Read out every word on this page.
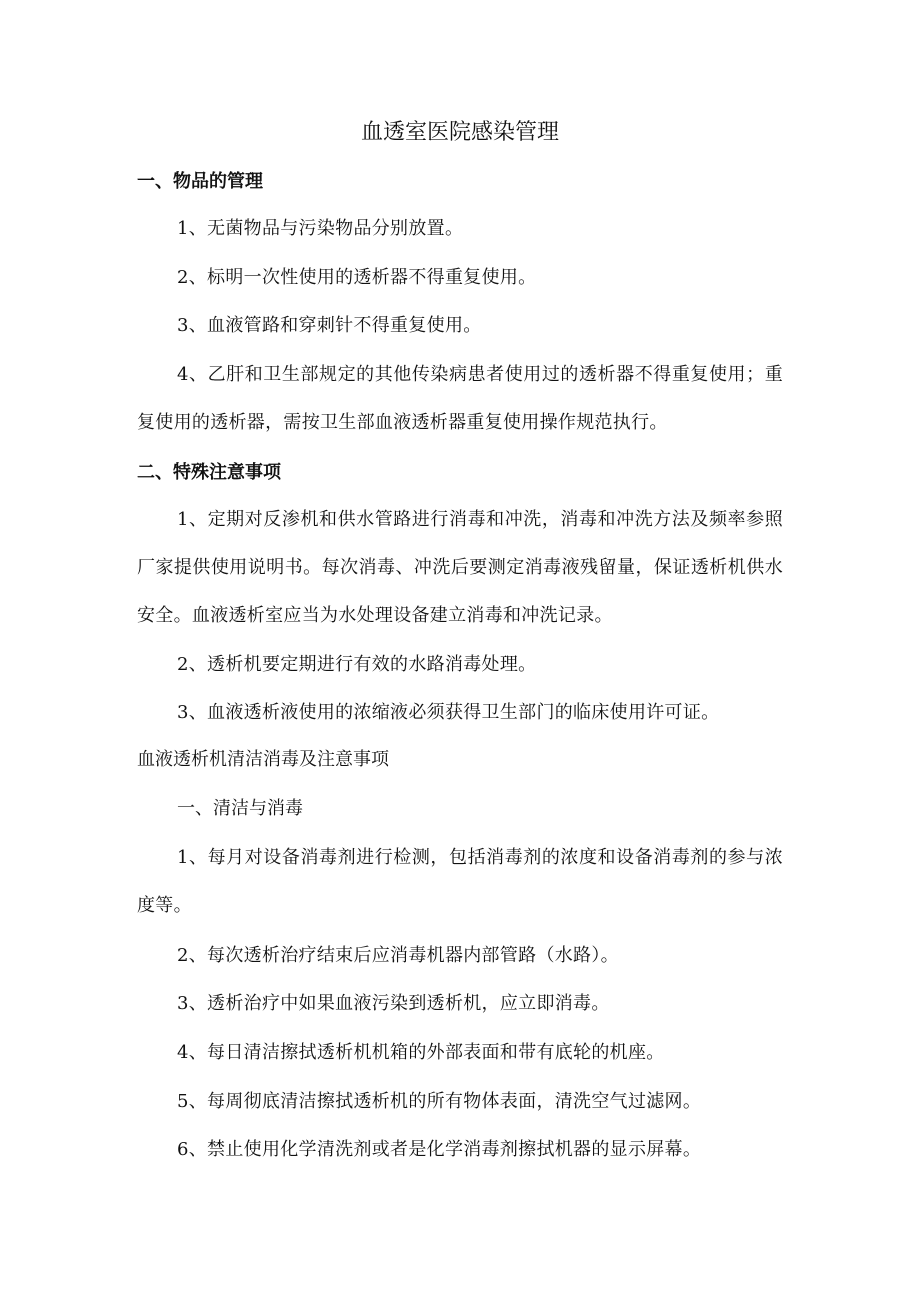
血透室医院感染管理
一、物品的管理
1、无菌物品与污染物品分别放置。
2、标明一次性使用的透析器不得重复使用。
3、血液管路和穿刺针不得重复使用。
4、乙肝和卫生部规定的其他传染病患者使用过的透析器不得重复使用；重复使用的透析器，需按卫生部血液透析器重复使用操作规范执行。
二、特殊注意事项
1、定期对反渗机和供水管路进行消毒和冲洗，消毒和冲洗方法及频率参照厂家提供使用说明书。每次消毒、冲洗后要测定消毒液残留量，保证透析机供水安全。血液透析室应当为水处理设备建立消毒和冲洗记录。
2、透析机要定期进行有效的水路消毒处理。
3、血液透析液使用的浓缩液必须获得卫生部门的临床使用许可证。
血液透析机清洁消毒及注意事项
一、清洁与消毒
1、每月对设备消毒剂进行检测，包括消毒剂的浓度和设备消毒剂的参与浓度等。
2、每次透析治疗结束后应消毒机器内部管路（水路）。
3、透析治疗中如果血液污染到透析机，应立即消毒。
4、每日清洁擦拭透析机机箱的外部表面和带有底轮的机座。
5、每周彻底清洁擦拭透析机的所有物体表面，清洗空气过滤网。
6、禁止使用化学清洗剂或者是化学消毒剂擦拭机器的显示屏幕。
